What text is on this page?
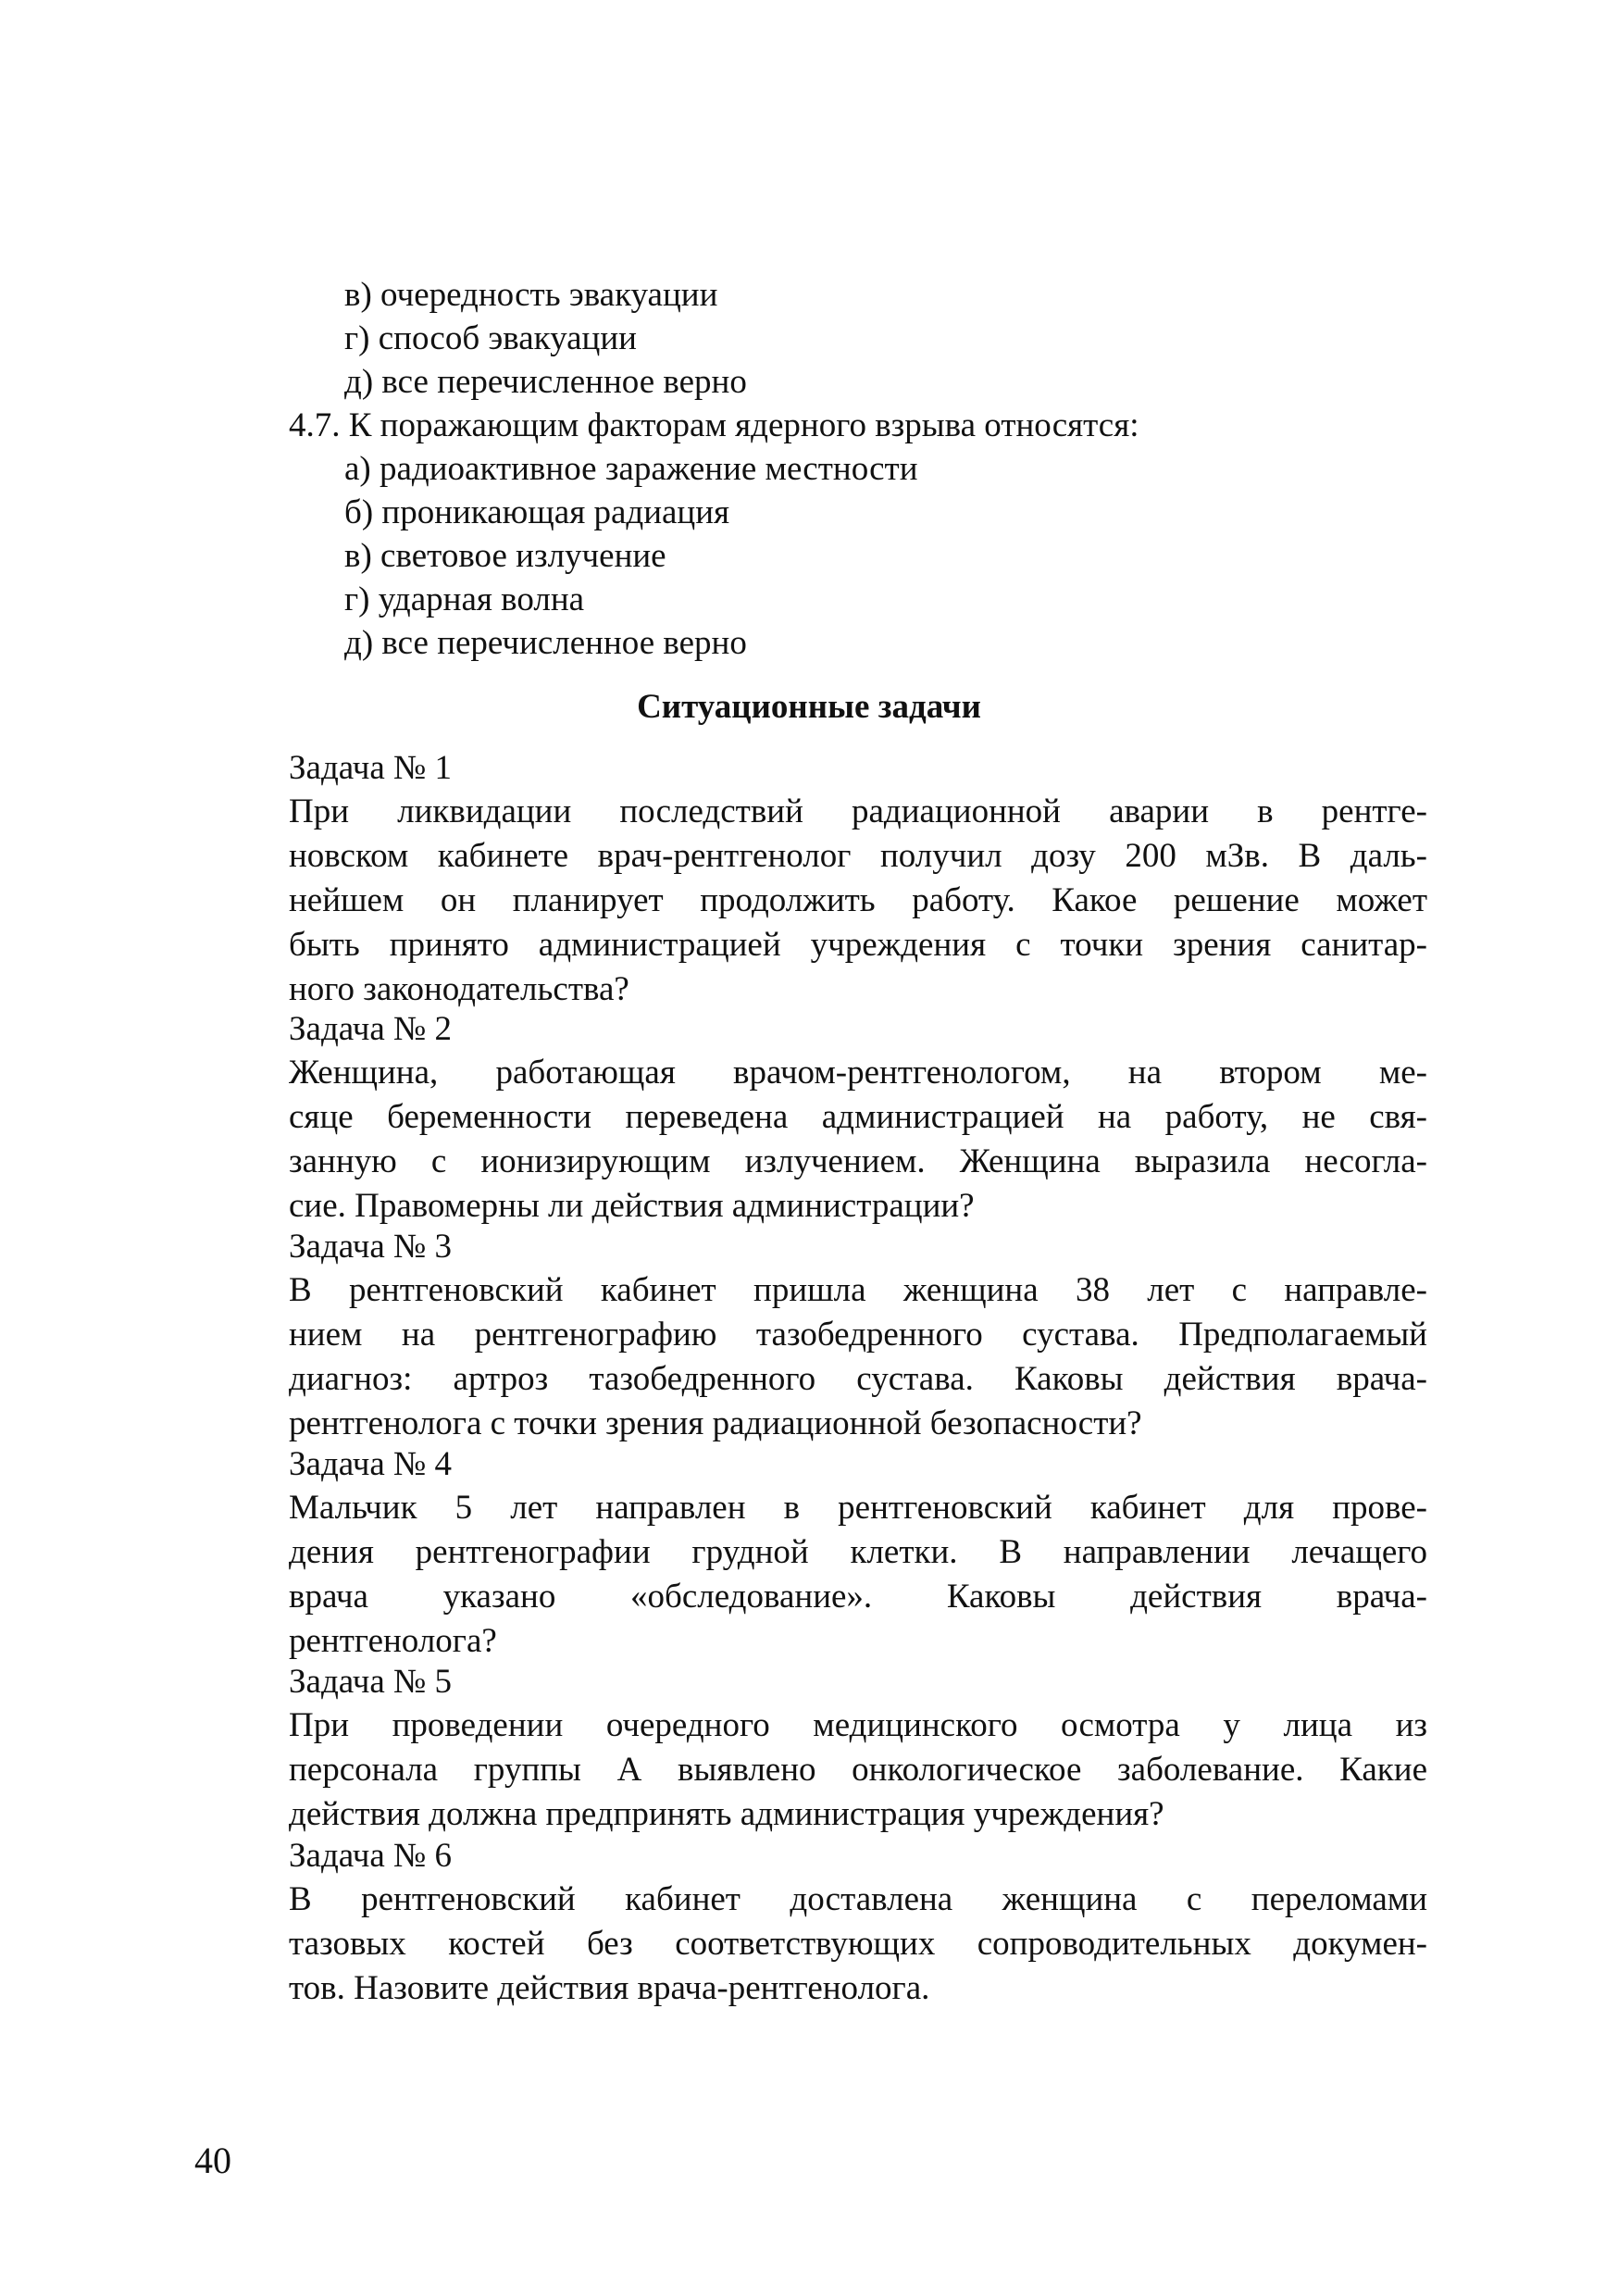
в) очередность эвакуации
г) способ эвакуации
д) все перечисленное верно
4.7. К поражающим факторам ядерного взрыва относятся:
а) радиоактивное заражение местности
б) проникающая радиация
в) световое излучение
г) ударная волна
д) все перечисленное верно
Ситуационные задачи
Задача № 1
При ликвидации последствий радиационной аварии в рентге-
новском кабинете врач-рентгенолог получил дозу 200 мЗв. В даль-
нейшем он планирует продолжить работу. Какое решение может
быть принято администрацией учреждения с точки зрения санитар-
ного законодательства?
Задача № 2
Женщина, работающая врачом-рентгенологом, на втором ме-
сяце беременности переведена администрацией на работу, не свя-
занную с ионизирующим излучением. Женщина выразила несогла-
сие. Правомерны ли действия администрации?
Задача № 3
В рентгеновский кабинет пришла женщина 38 лет с направле-
нием на рентгенографию тазобедренного сустава. Предполагаемый
диагноз: артроз тазобедренного сустава. Каковы действия врача-
рентгенолога с точки зрения радиационной безопасности?
Задача № 4
Мальчик 5 лет направлен в рентгеновский кабинет для прове-
дения рентгенографии грудной клетки. В направлении лечащего
врача указано «обследование». Каковы действия врача-
рентгенолога?
Задача № 5
При проведении очередного медицинского осмотра у лица из
персонала группы А выявлено онкологическое заболевание. Какие
действия должна предпринять администрация учреждения?
Задача № 6
В рентгеновский кабинет доставлена женщина с переломами
тазовых костей без соответствующих сопроводительных докумен-
тов. Назовите действия врача-рентгенолога.
40
